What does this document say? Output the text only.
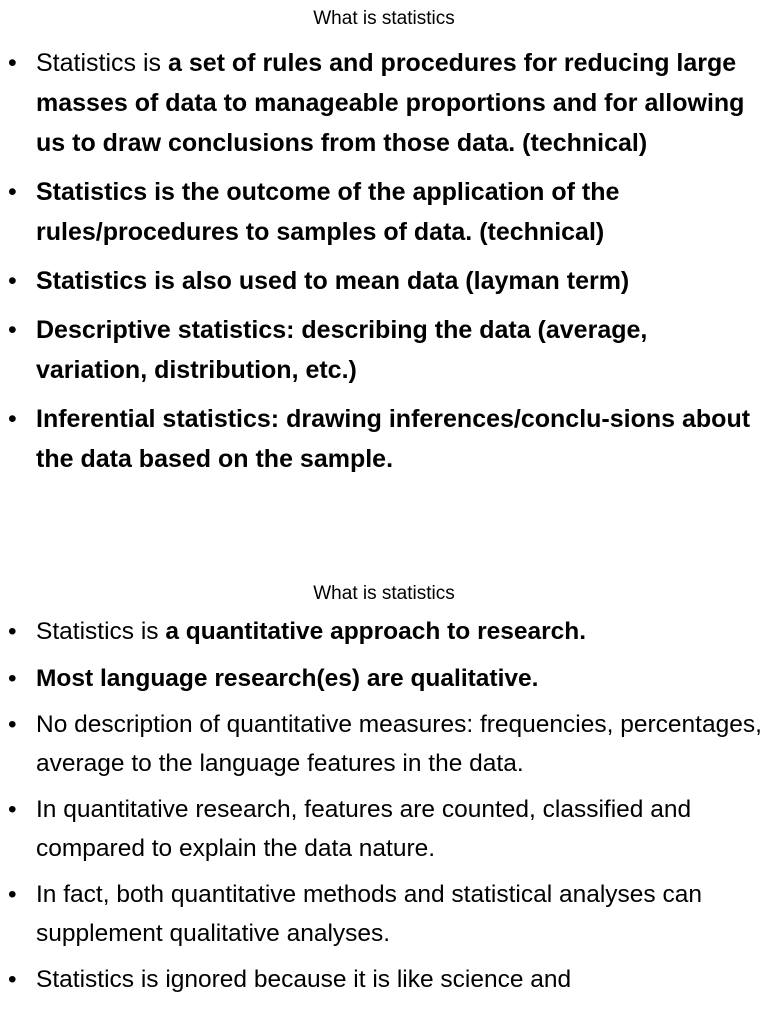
What is statistics
• Statistics is a set of rules and procedures for reducing large masses of data to manageable proportions and for allowing us to draw conclusions from those data. (technical)
• Statistics is the outcome of the application of the rules/procedures to samples of data. (technical)
• Statistics is also used to mean data (layman term)
• Descriptive statistics: describing the data (average, variation, distribution, etc.)
• Inferential statistics: drawing inferences/conclu-sions about the data based on the sample.
What is statistics
• Statistics is a quantitative approach to research.
• Most language research(es) are qualitative.
• No description of quantitative measures: frequencies, percentages, average to the language features in the data.
• In quantitative research, features are counted, classified and compared to explain the data nature.
• In fact, both quantitative methods and statistical analyses can supplement qualitative analyses.
• Statistics is ignored because it is like science and
